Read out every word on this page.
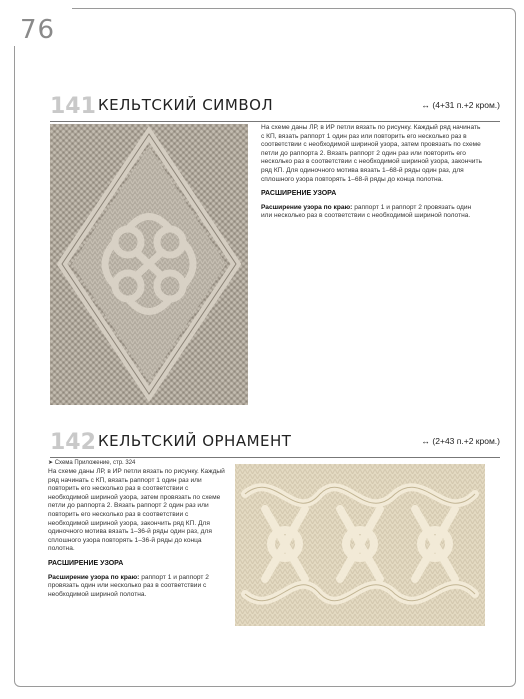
76
141 КЕЛЬТСКИЙ СИМВОЛ	↔ (4+31 п.+2 кром.)

На схеме даны ЛР, в ИР петли вязать по рисунку. Каждый ряд начинать с КП, вязать раппорт 1 один раз или повторить его несколько раз в соответствии с необходимой шириной узора, затем провязать по схеме петли до раппорта 2. Вязать раппорт 2 один раз или повторить его несколько раз в соответствии с необходимой шириной узора, закончить ряд КП. Для одиночного мотива вязать 1–68-й ряды один раз, для сплошного узора повторять 1–68-й ряды до конца полотна.

РАСШИРЕНИЕ УЗОРА

Расширение узора по краю: раппорт 1 и раппорт 2 провязать один или несколько раз в соответствии с необходимой шириной полотна.

142 КЕЛЬТСКИЙ ОРНАМЕНТ	↔ (2+43 п.+2 кром.)
➤ Схема Приложение, стр. 324

На схеме даны ЛР, в ИР петли вязать по рисунку. Каждый ряд начинать с КП, вязать раппорт 1 один раз или повторить его несколько раз в соответствии с необходимой шириной узора, затем провязать по схеме петли до раппорта 2. Вязать раппорт 2 один раз или повторить его несколько раз в соответствии с необходимой шириной узора, закончить ряд КП. Для одиночного мотива вязать 1–36-й ряды один раз, для сплошного узора повторять 1–36-й ряды до конца полотна.

РАСШИРЕНИЕ УЗОРА

Расширение узора по краю: раппорт 1 и раппорт 2 провязать один или несколько раз в соответствии с необходимой шириной полотна.
